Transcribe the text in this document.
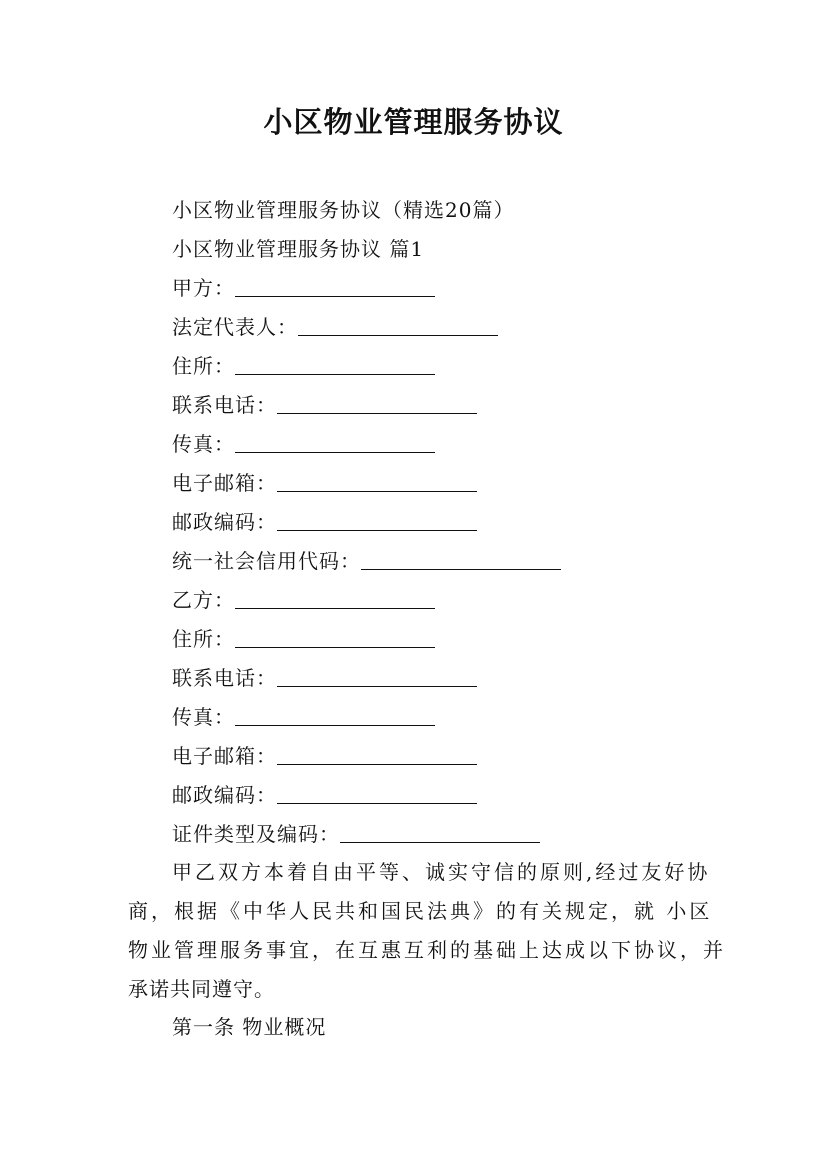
小区物业管理服务协议
小区物业管理服务协议（精选20篇）
小区物业管理服务协议 篇1
甲方：
法定代表人：
住所：
联系电话：
传真：
电子邮箱：
邮政编码：
统一社会信用代码：
乙方：
住所：
联系电话：
传真：
电子邮箱：
邮政编码：
证件类型及编码：
甲乙双方本着自由平等、诚实守信的原则,经过友好协
商，根据《中华人民共和国民法典》的有关规定，就 小区
物业管理服务事宜，在互惠互利的基础上达成以下协议，并
承诺共同遵守。
第一条 物业概况
